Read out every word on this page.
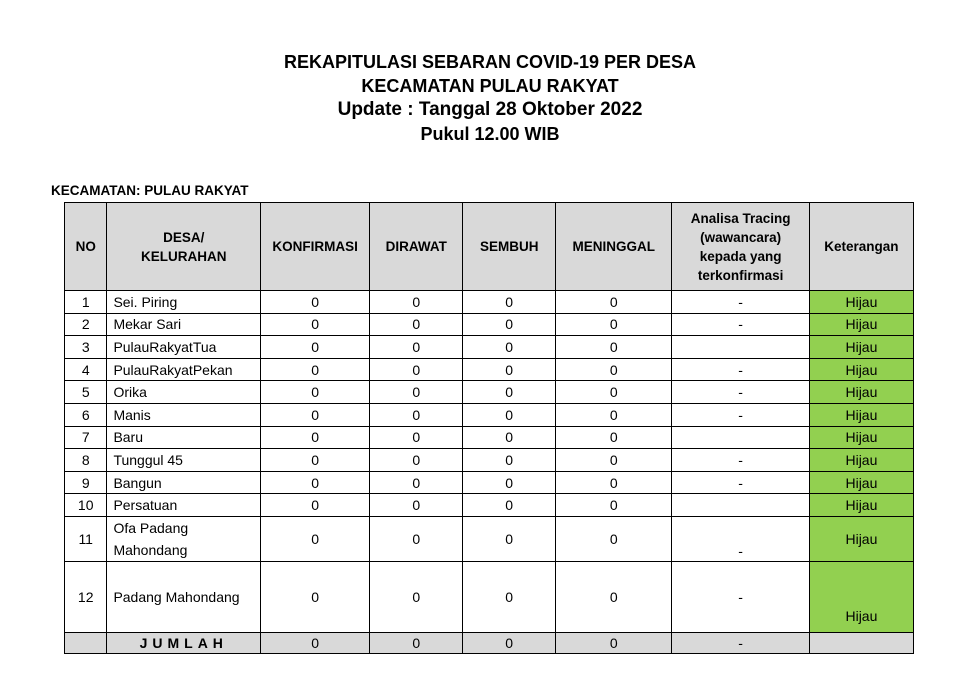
REKAPITULASI SEBARAN COVID-19 PER DESA
KECAMATAN PULAU RAKYAT
Update : Tanggal 28 Oktober 2022
Pukul 12.00 WIB
KECAMATAN: PULAU RAKYAT
NO	DESA/ KELURAHAN	KONFIRMASI	DIRAWAT	SEMBUH	MENINGGAL	Analisa Tracing (wawancara) kepada yang terkonfirmasi	Keterangan
1	Sei. Piring	0	0	0	0	-	Hijau
2	Mekar Sari	0	0	0	0	-	Hijau
3	PulauRakyatTua	0	0	0	0		Hijau
4	PulauRakyatPekan	0	0	0	0	-	Hijau
5	Orika	0	0	0	0	-	Hijau
6	Manis	0	0	0	0	-	Hijau
7	Baru	0	0	0	0		Hijau
8	Tunggul 45	0	0	0	0	-	Hijau
9	Bangun	0	0	0	0	-	Hijau
10	Persatuan	0	0	0	0		Hijau
11	Ofa Padang Mahondang	0	0	0	0	-	Hijau
12	Padang Mahondang	0	0	0	0	-	Hijau
	JUMLAH	0	0	0	0	-	
